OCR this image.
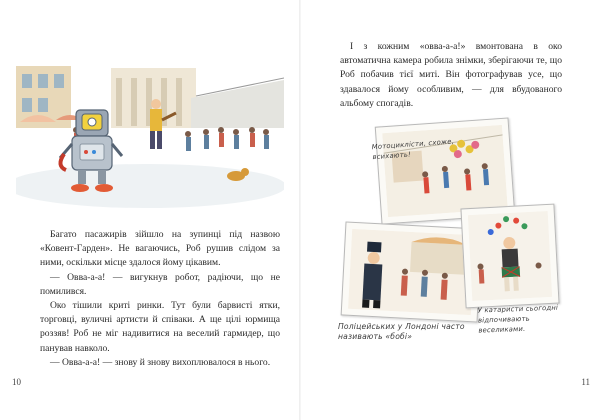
Багато пасажирів зійшло на зупинці під назвою «Ковент-Гарден». Не вагаючись, Роб рушив слідом за ними, оскільки місце здалося йому цікавим.

— Овва-а-а! — вигукнув робот, радіючи, що не помилився.

Око тішили криті ринки. Тут були барвисті ятки, торговці, вуличні артисти й співаки. А ще цілі юрмища роззяв! Роб не міг надивитися на веселий гармидер, що панував навколо.

— Овва-а-а! — знову й знову вихоплювалося в нього.

10

І з кожним «овва-а-а!» вмонтована в око автоматична камера робила знімки, зберігаючи те, що Роб побачив тієї миті. Він фотографував усе, що здавалося йому особливим, — для вбудованого альбому спогадів.

Мотоциклісти, схоже, всихають!
Поліцейських у Лондоні часто називають «бобі»
У катаристи сьогодні відпочивають веселиками.
11
